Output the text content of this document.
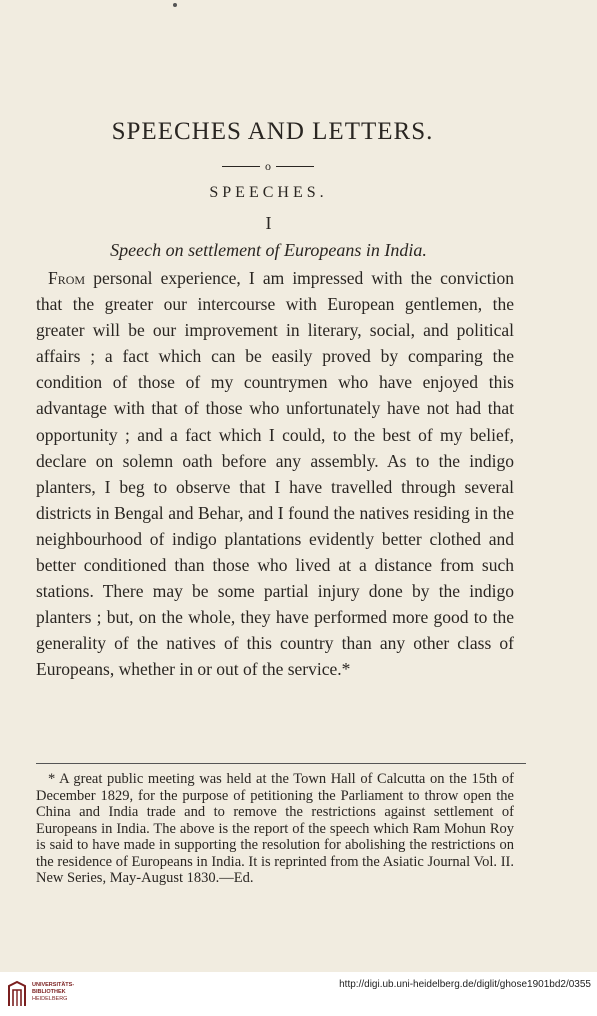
SPEECHES AND LETTERS.
o
SPEECHES.
I
Speech on settlement of Europeans in India.

From personal experience, I am impressed with the conviction that the greater our intercourse with European gentlemen, the greater will be our improvement in literary, social, and political affairs ; a fact which can be easily proved by comparing the condition of those of my countrymen who have enjoyed this advantage with that of those who unfortunately have not had that opportunity ; and a fact which I could, to the best of my belief, declare on solemn oath before any assembly. As to the indigo planters, I beg to observe that I have travelled through several districts in Bengal and Behar, and I found the natives residing in the neighbourhood of indigo plantations evidently better clothed and better conditioned than those who lived at a distance from such stations. There may be some partial injury done by the indigo planters ; but, on the whole, they have performed more good to the generality of the natives of this country than any other class of Europeans, whether in or out of the service.*

* A great public meeting was held at the Town Hall of Calcutta on the 15th of December 1829, for the purpose of petitioning the Parliament to throw open the China and India trade and to remove the restrictions against settlement of Europeans in India. The above is the report of the speech which Ram Mohun Roy is said to have made in supporting the resolution for abolishing the restrictions on the residence of Europeans in India. It is reprinted from the Asiatic Journal Vol. II. New Series, May-August 1830.—Ed.

UNIVERSITÄTS-
BIBLIOTHEK
HEIDELBERG
http://digi.ub.uni-heidelberg.de/diglit/ghose1901bd2/0355
